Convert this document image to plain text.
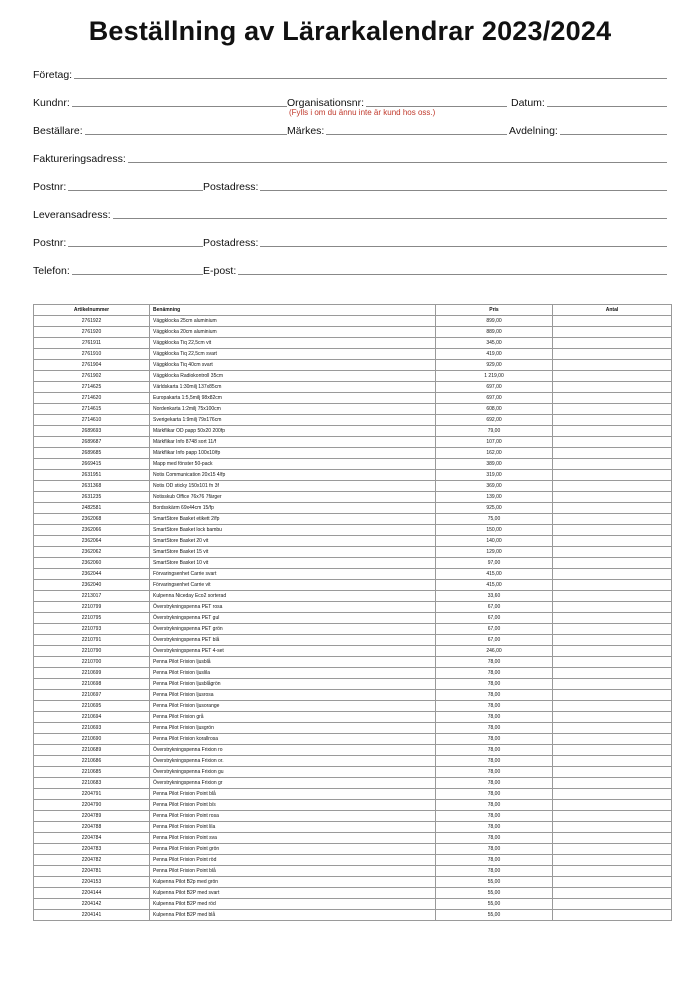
Beställning av Lärarkalendrar 2023/2024
Företag:
Kundnr:	Organisationsnr:	Datum:
(Fylls i om du ännu inte är kund hos oss.)
Beställare:	Märkes:	Avdelning:
Faktureringsadress:
Postnr:	Postadress:
Leveransadress:
Postnr:	Postadress:
Telefon:	E-post:
Artikelnummer	Benämning	Pris	Antal
2761922	Väggklocka 25cm aluminium	899,00	
2761920	Väggklocka 20cm aluminium	889,00	
2761911	Väggklocka Tiq 22,5cm vit	345,00	
2761910	Väggklocka Tiq 22,5cm svart	419,00	
2761904	Väggklocka Tiq 40cm svart	929,00	
2761902	Väggklocka Radiokontroll 35cm	1 219,00	
2714625	Världskarta 1:30milj 137x85cm	697,00	
2714620	Europakarta 1:5,5milj 98x82cm	697,00	
2714615	Nordenkarta 1:2milj 75x100cm	608,00	
2714610	Sverigekarta 1:9milj 79x176cm	692,00	
2689693	Märkflikar OD papp 50x20 200fp	79,00	
2689687	Märkflikar Info 8748 sort 11/f	107,00	
2689685	Märkflikar Info papp 100x10/fp	162,00	
2669415	Mapp med fönster 50-pack	389,00	
2631951	Notis Communication 20x15 4/fp	319,00	
2631368	Notis OD sticky 150x101 fn 3f	369,00	
2631235	Notisskub Office 76x76 7färger	139,00	
2482581	Bordsskärm 69x44cm 15/fp	925,00	
2362068	SmartStore Basket etikett 2/fp	75,00	
2362066	SmartStore Basket lock bambu	150,00	
2362064	SmartStore Basket 20 vit	140,00	
2362062	SmartStore Basket 15 vit	129,00	
2362060	SmartStore Basket 10 vit	97,00	
2362044	Förvaringsenhet Carrie svart	415,00	
2362040	Förvaringsenhet Carrie vit	415,00	
2213017	Kulpenna Niceday Eco2 sorterad	33,60	
2210799	Överstrykningspenna PET rosa	67,00	
2210795	Överstrykningspenna PET gul	67,00	
2210793	Överstrykningspenna PET grön	67,00	
2210791	Överstrykningspenna PET blå	67,00	
2210790	Överstrykningspenna PET 4-set	246,00	
2210700	Penna Pilot Frixion ljusblå	78,00	
2210699	Penna Pilot Frixion ljuslila	78,00	
2210698	Penna Pilot Frixion ljusblågrön	78,00	
2210697	Penna Pilot Frixion ljusrosa	78,00	
2210695	Penna Pilot Frixion ljusorange	78,00	
2210694	Penna Pilot Frixion grå	78,00	
2210693	Penna Pilot Frixion ljusgrön	78,00	
2210690	Penna Pilot Frixion korallrosa	78,00	
2210689	Överstrykningspenna Frixion ro	78,00	
2210686	Överstrykningspenna Frixion or.	78,00	
2210685	Överstrykningspenna Frixion gu	78,00	
2210683	Överstrykningspenna Frixion gr	78,00	
2204791	Penna Pilot Frixion Point blå	78,00	
2204790	Penna Pilot Frixion Point b/s	78,00	
2204789	Penna Pilot Frixion Point rosa	78,00	
2204788	Penna Pilot Frixion Point lila	78,00	
2204784	Penna Pilot Frixion Point sva	78,00	
2204783	Penna Pilot Frixion Point grön	78,00	
2204782	Penna Pilot Frixion Point röd	78,00	
2204781	Penna Pilot Frixion Point blå	78,00	
2204153	Kulpenna Pilot B2p med grön	55,00	
2204144	Kulpenna Pilot B2P med svart	55,00	
2204142	Kulpenna Pilot B2P med röd	55,00	
2204141	Kulpenna Pilot B2P med blå	55,00	
